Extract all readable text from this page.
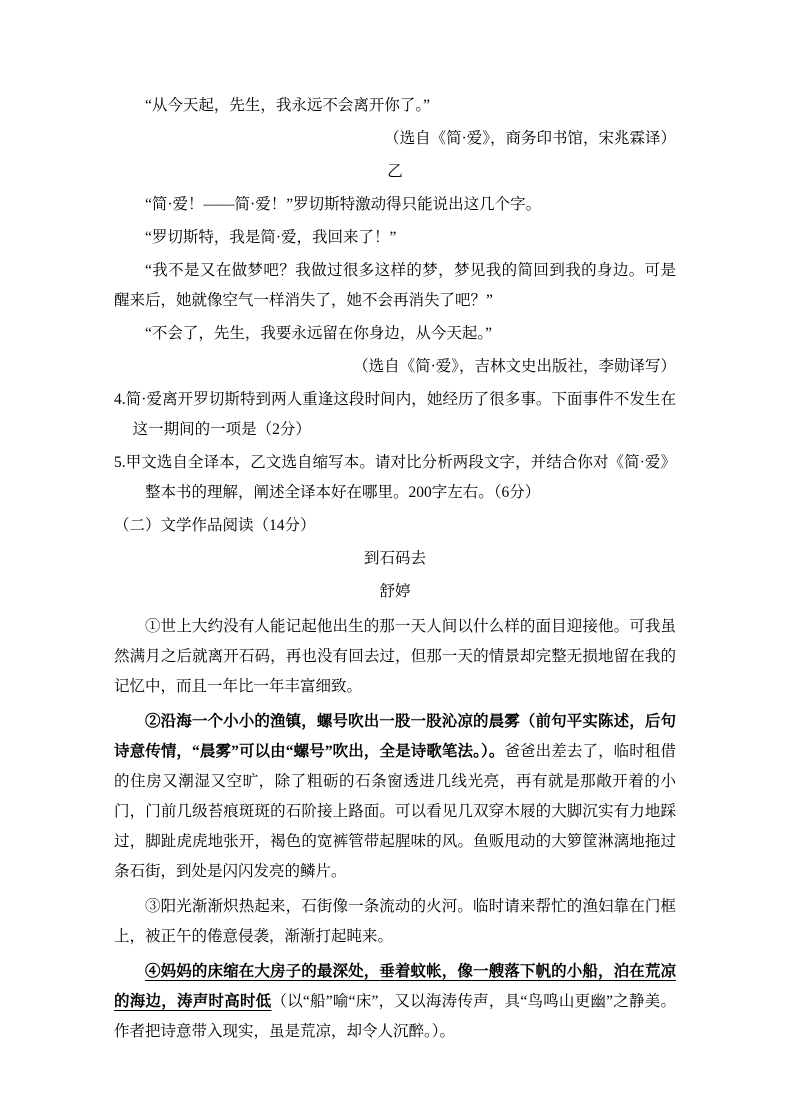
“从今天起，先生，我永远不会离开你了。”

（选自《简·爱》，商务印书馆，宋兆霖译）

乙

“简·爱！——简·爱！”罗切斯特激动得只能说出这几个字。

“罗切斯特，我是简·爱，我回来了！”

“我不是又在做梦吧？我做过很多这样的梦，梦见我的简回到我的身边。可是醒来后，她就像空气一样消失了，她不会再消失了吧？”

“不会了，先生，我要永远留在你身边，从今天起。”

（选自《简·爱》，吉林文史出版社，李勋译写）

4.简·爱离开罗切斯特到两人重逢这段时间内，她经历了很多事。下面事件不发生在这一期间的一项是（2分）

5.甲文选自全译本，乙文选自缩写本。请对比分析两段文字，并结合你对《简·爱》整本书的理解，阐述全译本好在哪里。200字左右。（6分）

（二）文学作品阅读（14分）

到石码去

舒婷

①世上大约没有人能记起他出生的那一天人间以什么样的面目迎接他。可我虽然满月之后就离开石码，再也没有回去过，但那一天的情景却完整无损地留在我的记忆中，而且一年比一年丰富细致。

②沿海一个小小的渔镇，螺号吹出一股一股沁凉的晨雾（前句平实陈述，后句诗意传情，“晨雾”可以由“螺号”吹出，全是诗歌笔法。）。爸爸出差去了，临时租借的住房又潮湿又空旷，除了粗砺的石条窗透进几线光亮，再有就是那敞开着的小门，门前几级苔痕斑斑的石阶接上路面。可以看见几双穿木屐的大脚沉实有力地踩过，脚趾虎虎地张开，褐色的宽裤管带起腥味的风。鱼贩甩动的大箩筐淋漓地拖过条石街，到处是闪闪发亮的鳞片。

③阳光渐渐炽热起来，石街像一条流动的火河。临时请来帮忙的渔妇靠在门框上，被正午的倦意侵袭，渐渐打起盹来。

④妈妈的床缩在大房子的最深处，垂着蚊帐，像一艘落下帆的小船，泊在荒凉的海边，涛声时高时低（以“船”喻“床”，又以海涛传声，具“鸟鸣山更幽”之静美。作者把诗意带入现实，虽是荒凉，却令人沉醉。）。
